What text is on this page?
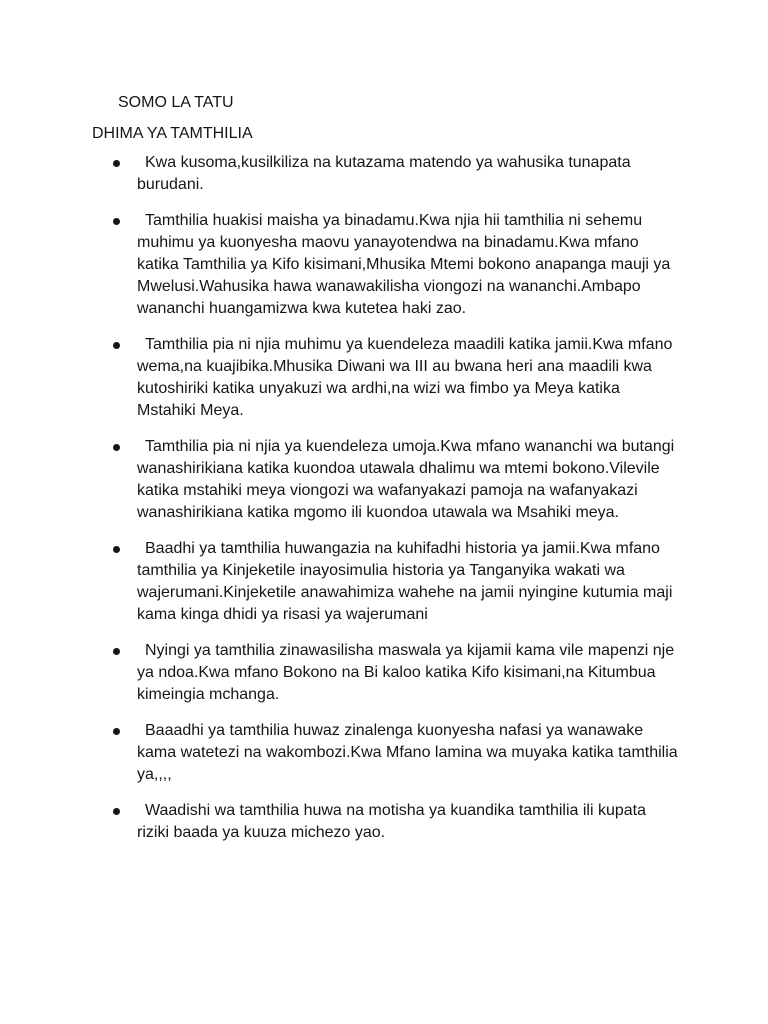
SOMO LA TATU
DHIMA YA TAMTHILIA
Kwa kusoma,kusilkiliza na kutazama matendo ya wahusika tunapata burudani.
Tamthilia huakisi maisha ya binadamu.Kwa njia hii tamthilia ni sehemu muhimu ya kuonyesha maovu yanayotendwa na binadamu.Kwa mfano katika Tamthilia ya Kifo kisimani,Mhusika Mtemi bokono anapanga mauji ya Mwelusi.Wahusika hawa wanawakilisha viongozi na wananchi.Ambapo wananchi huangamizwa kwa kutetea haki zao.
Tamthilia pia ni njia muhimu ya kuendeleza maadili katika jamii.Kwa mfano wema,na kuajibika.Mhusika Diwani wa III au bwana heri ana maadili kwa kutoshiriki katika unyakuzi wa ardhi,na wizi wa fimbo ya Meya katika Mstahiki Meya.
Tamthilia pia ni njia ya kuendeleza umoja.Kwa mfano wananchi wa butangi wanashirikiana katika kuondoa utawala dhalimu wa mtemi bokono.Vilevile katika mstahiki meya viongozi wa wafanyakazi pamoja na wafanyakazi wanashirikiana katika mgomo ili kuondoa utawala wa Msahiki meya.
Baadhi ya tamthilia huwangazia na kuhifadhi historia ya jamii.Kwa mfano tamthilia ya Kinjeketile inayosimulia historia ya Tanganyika wakati wa wajerumani.Kinjeketile anawahimiza wahehe na jamii nyingine kutumia maji kama kinga dhidi ya risasi ya wajerumani
Nyingi ya tamthilia zinawasilisha maswala ya kijamii kama vile mapenzi nje ya ndoa.Kwa mfano Bokono na Bi kaloo katika Kifo kisimani,na Kitumbua kimeingia mchanga.
Baaadhi ya tamthilia huwaz zinalenga kuonyesha nafasi ya wanawake kama watetezi na wakombozi.Kwa Mfano lamina wa muyaka katika tamthilia ya,,,,
Waadishi wa tamthilia huwa na motisha ya kuandika tamthilia ili kupata riziki baada ya kuuza michezo yao.
